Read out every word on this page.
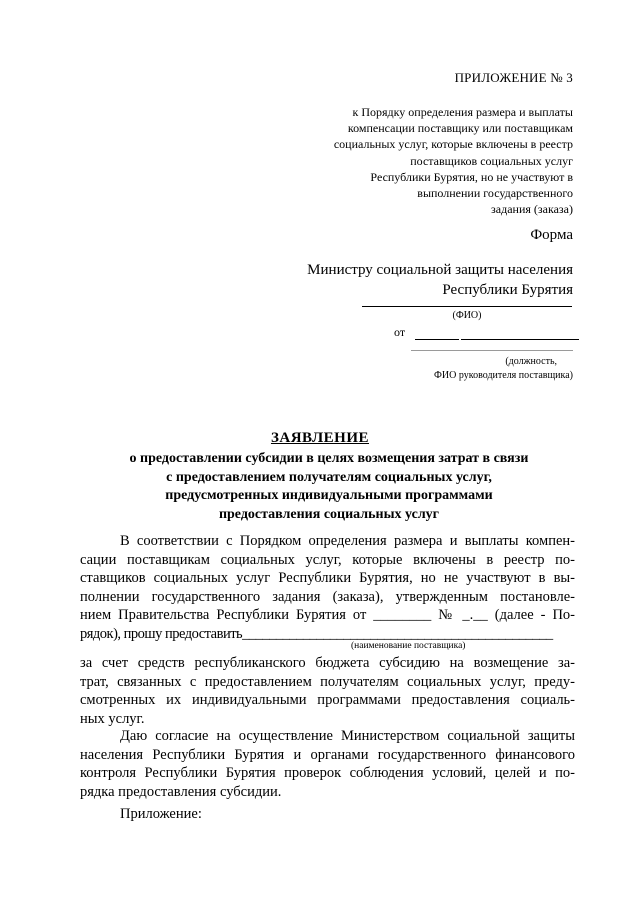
ПРИЛОЖЕНИЕ № 3
к Порядку определения размера и выплаты
компенсации поставщику или поставщикам
социальных услуг, которые включены в реестр
поставщиков социальных услуг
Республики Бурятия, но не участвуют в
выполнении государственного
задания (заказа)
Форма
Министру социальной защиты населения
Республики Бурятия
(ФИО)
от
(должность,
ФИО руководителя поставщика)
ЗАЯВЛЕНИЕ
о предоставлении субсидии в целях возмещения затрат в связи
с предоставлением получателям социальных услуг,
предусмотренных индивидуальными программами
предоставления социальных услуг
В соответствии с Порядком определения размера и выплаты компен-
сации поставщикам социальных услуг, которые включены в реестр по-
ставщиков социальных услуг Республики Бурятия, но не участвуют в вы-
полнении государственного задания (заказа), утвержденным постановле-
нием Правительства Республики Бурятия от ________ № _.__ (далее - По-
рядок), прошу предоставить______________________________________________
(наименование поставщика)
за счет средств республиканского бюджета субсидию на возмещение за-
трат, связанных с предоставлением получателям социальных услуг, преду-
смотренных их индивидуальными программами предоставления социаль-
ных услуг.
Даю согласие на осуществление Министерством социальной защиты
населения Республики Бурятия и органами государственного финансового
контроля Республики Бурятия проверок соблюдения условий, целей и по-
рядка предоставления субсидии.
Приложение:
